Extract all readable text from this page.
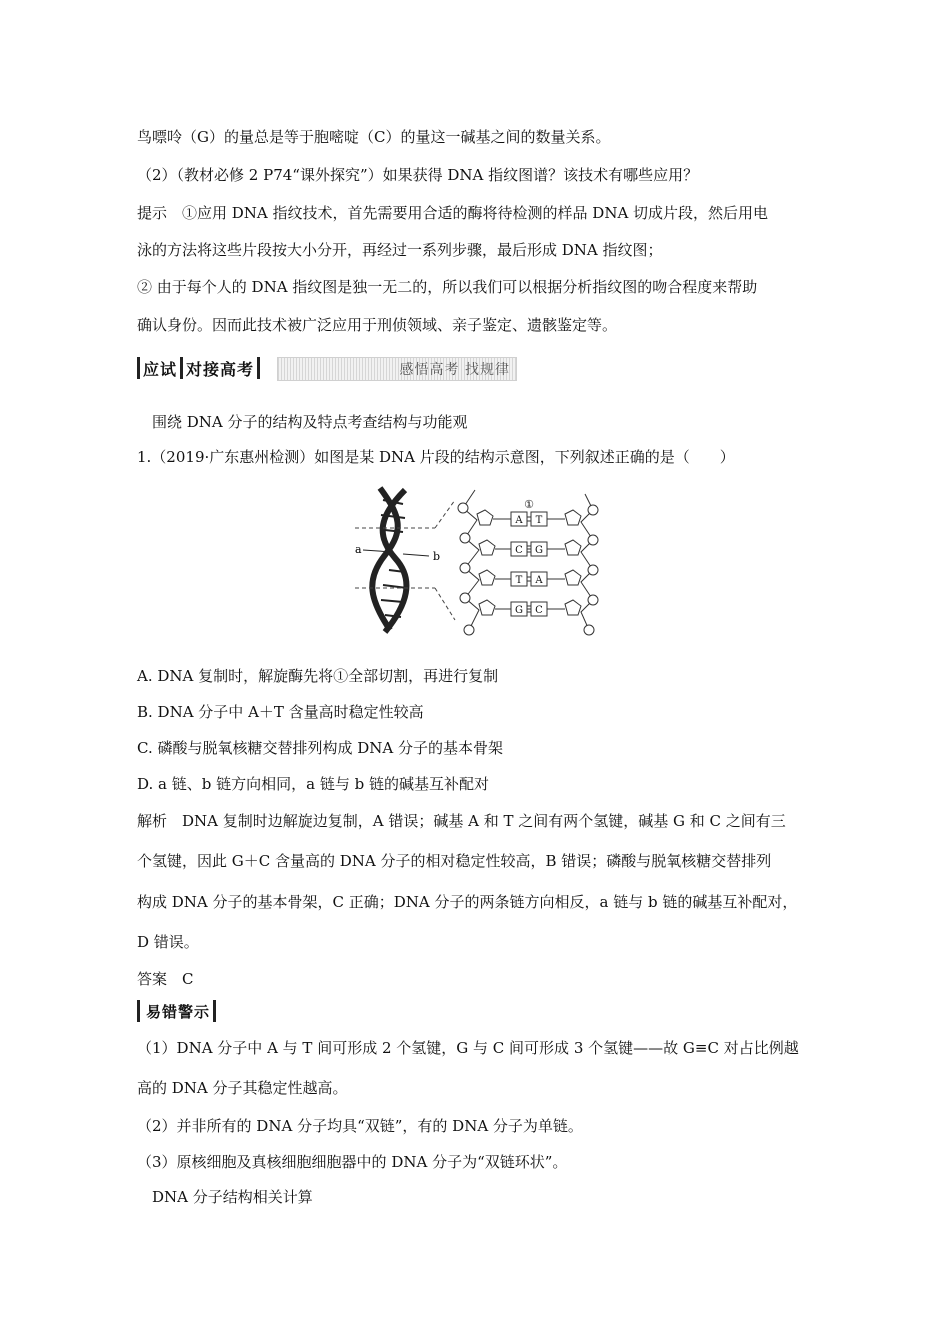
鸟嘌呤（G）的量总是等于胞嘧啶（C）的量这一碱基之间的数量关系。
（2）（教材必修 2 P74“课外探究”）如果获得 DNA 指纹图谱？该技术有哪些应用？
提示　①应用 DNA 指纹技术，首先需要用合适的酶将待检测的样品 DNA 切成片段，然后用电
泳的方法将这些片段按大小分开，再经过一系列步骤，最后形成 DNA 指纹图；
② 由于每个人的 DNA 指纹图是独一无二的，所以我们可以根据分析指纹图的吻合程度来帮助
确认身份。因而此技术被广泛应用于刑侦领域、亲子鉴定、遗骸鉴定等。
应试 对接高考	感悟高考 找规律
围绕 DNA 分子的结构及特点考查结构与功能观
1.（2019·广东惠州检测）如图是某 DNA 片段的结构示意图，下列叙述正确的是（　　）
a
b
A T
C G
T A
G C
①
A. DNA 复制时，解旋酶先将①全部切割，再进行复制
B. DNA 分子中 A＋T 含量高时稳定性较高
C. 磷酸与脱氧核糖交替排列构成 DNA 分子的基本骨架
D. a 链、b 链方向相同，a 链与 b 链的碱基互补配对
解析　DNA 复制时边解旋边复制，A 错误；碱基 A 和 T 之间有两个氢键，碱基 G 和 C 之间有三
个氢键，因此 G＋C 含量高的 DNA 分子的相对稳定性较高，B 错误；磷酸与脱氧核糖交替排列
构成 DNA 分子的基本骨架，C 正确；DNA 分子的两条链方向相反，a 链与 b 链的碱基互补配对，
D 错误。
答案　C
易错警示
（1）DNA 分子中 A 与 T 间可形成 2 个氢键，G 与 C 间可形成 3 个氢键——故 G≡C 对占比例越
高的 DNA 分子其稳定性越高。
（2）并非所有的 DNA 分子均具“双链”，有的 DNA 分子为单链。
（3）原核细胞及真核细胞细胞器中的 DNA 分子为“双链环状”。
DNA 分子结构相关计算
